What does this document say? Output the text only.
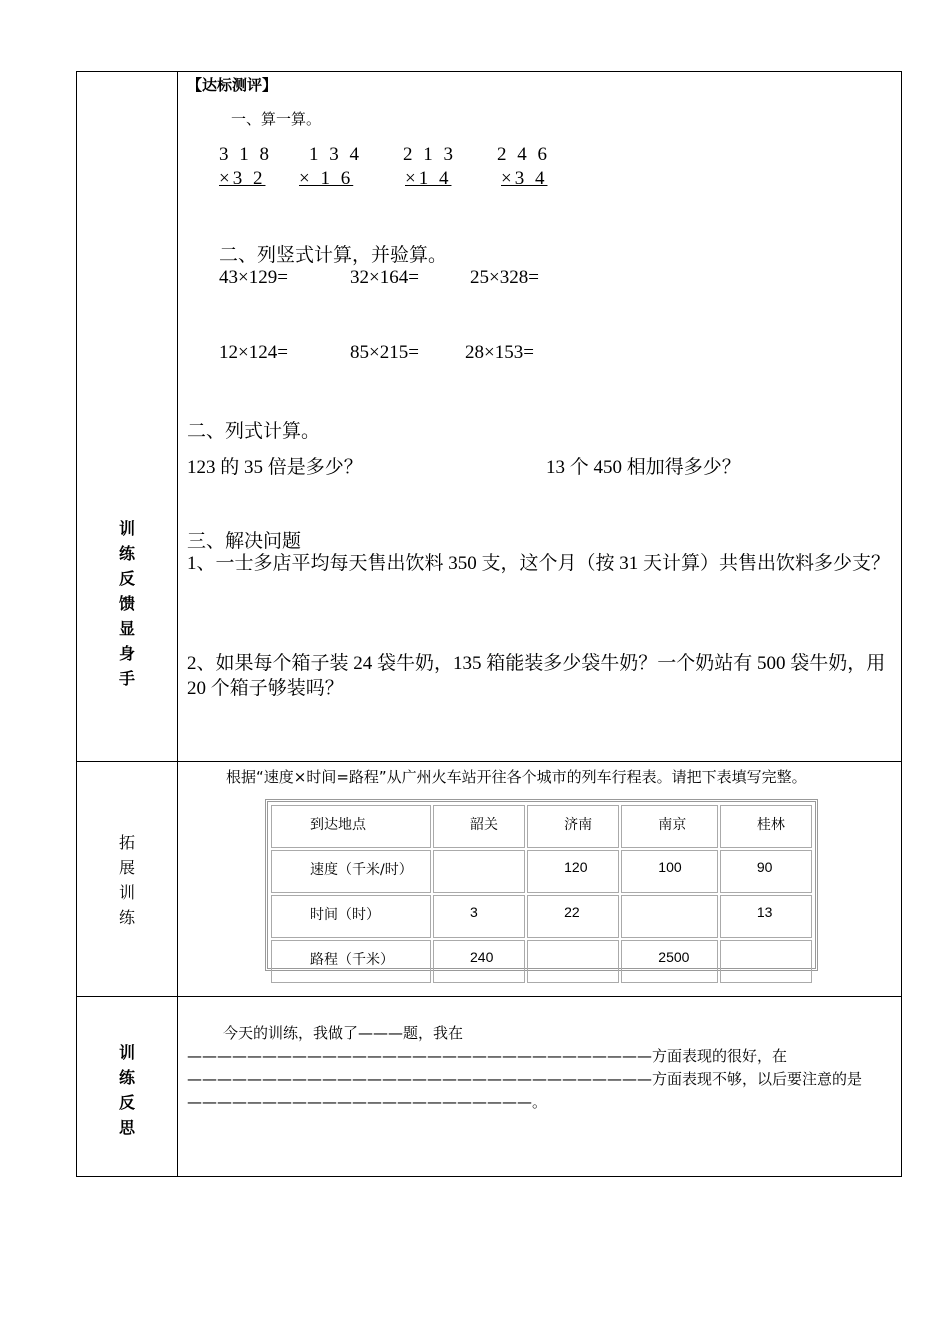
训
练
反
馈
显
身
手
【达标测评】
一、算一算。
3 1 8 1 3 4 2 1 3 2 4 6
×3 2 × 1 6	×1 4	×3 4
二、列竖式计算，并验算。
43×129=	32×164=	25×328=
12×124=	85×215= 28×153=
二、列式计算。
123 的 35 倍是多少？	13 个 450 相加得多少？
三、解决问题
1、一士多店平均每天售出饮料 350 支，这个月（按 31 天计算）共售出饮料多少支？
2、如果每个箱子装 24 袋牛奶，135 箱能装多少袋牛奶？一个奶站有 500 袋牛奶，用 20 个箱子够装吗？
拓
展
训
练
根据“速度×时间=路程”从广州火车站开往各个城市的列车行程表。请把下表填写完整。
到达地点	韶关	济南	南京	桂林
速度（千米/时）		120	100	90
时间（时）	3	22		13
路程（千米）	240		2500	
训
练
反
思
今天的训练，我做了———题，我在———————————————————————————————方面表现的很好，在———————————————————————————————方面表现不够，以后要注意的是———————————————————————。
